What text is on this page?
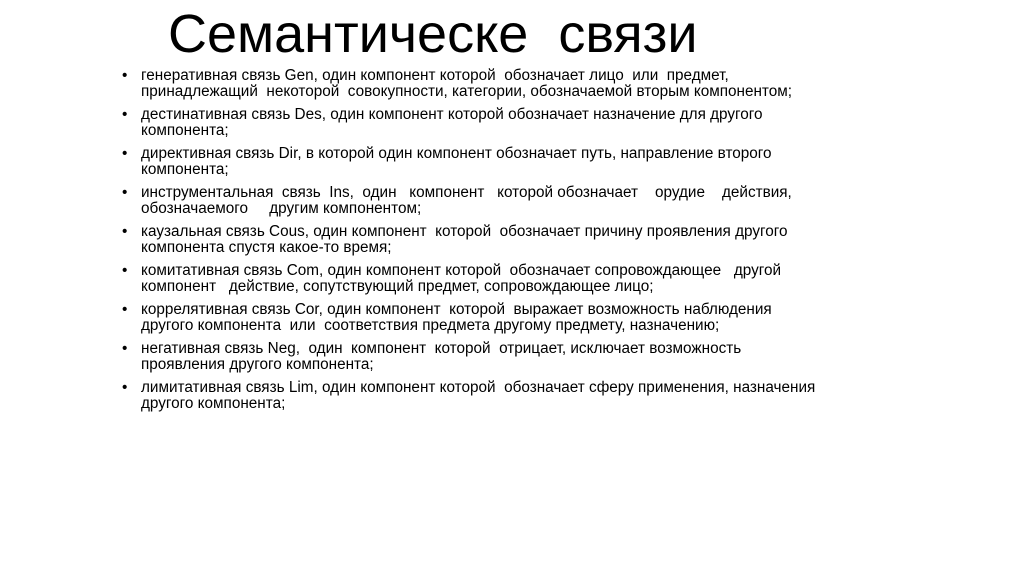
Семантическе  связи
• генеративная связь Gen, один компонент которой  обозначает лицо  или  предмет,
принадлежащий  некоторой  совокупности, категории, обозначаемой вторым компонентом;
• дестинативная связь Des, один компонент которой обозначает назначение для другого
компонента;
• директивная связь Dir, в которой один компонент обозначает путь, направление второго
компонента;
• инструментальная  связь  Ins,  один   компонент   которой обозначает    орудие    действия,
обозначаемого     другим компонентом;
• каузальная связь Cous, один компонент  которой  обозначает причину проявления другого
компонента спустя какое-то время;
• комитативная связь Com, один компонент которой  обозначает сопровождающее   другой
компонент   действие, сопутствующий предмет, сопровождающее лицо;
• коррелятивная связь Cor, один компонент  которой  выражает возможность наблюдения
другого компонента  или  соответствия предмета другому предмету, назначению;
• негативная связь Neg,  один  компонент  которой  отрицает, исключает возможность
проявления другого компонента;
• лимитативная связь Lim, один компонент которой  обозначает сферу применения, назначения
другого компонента;
